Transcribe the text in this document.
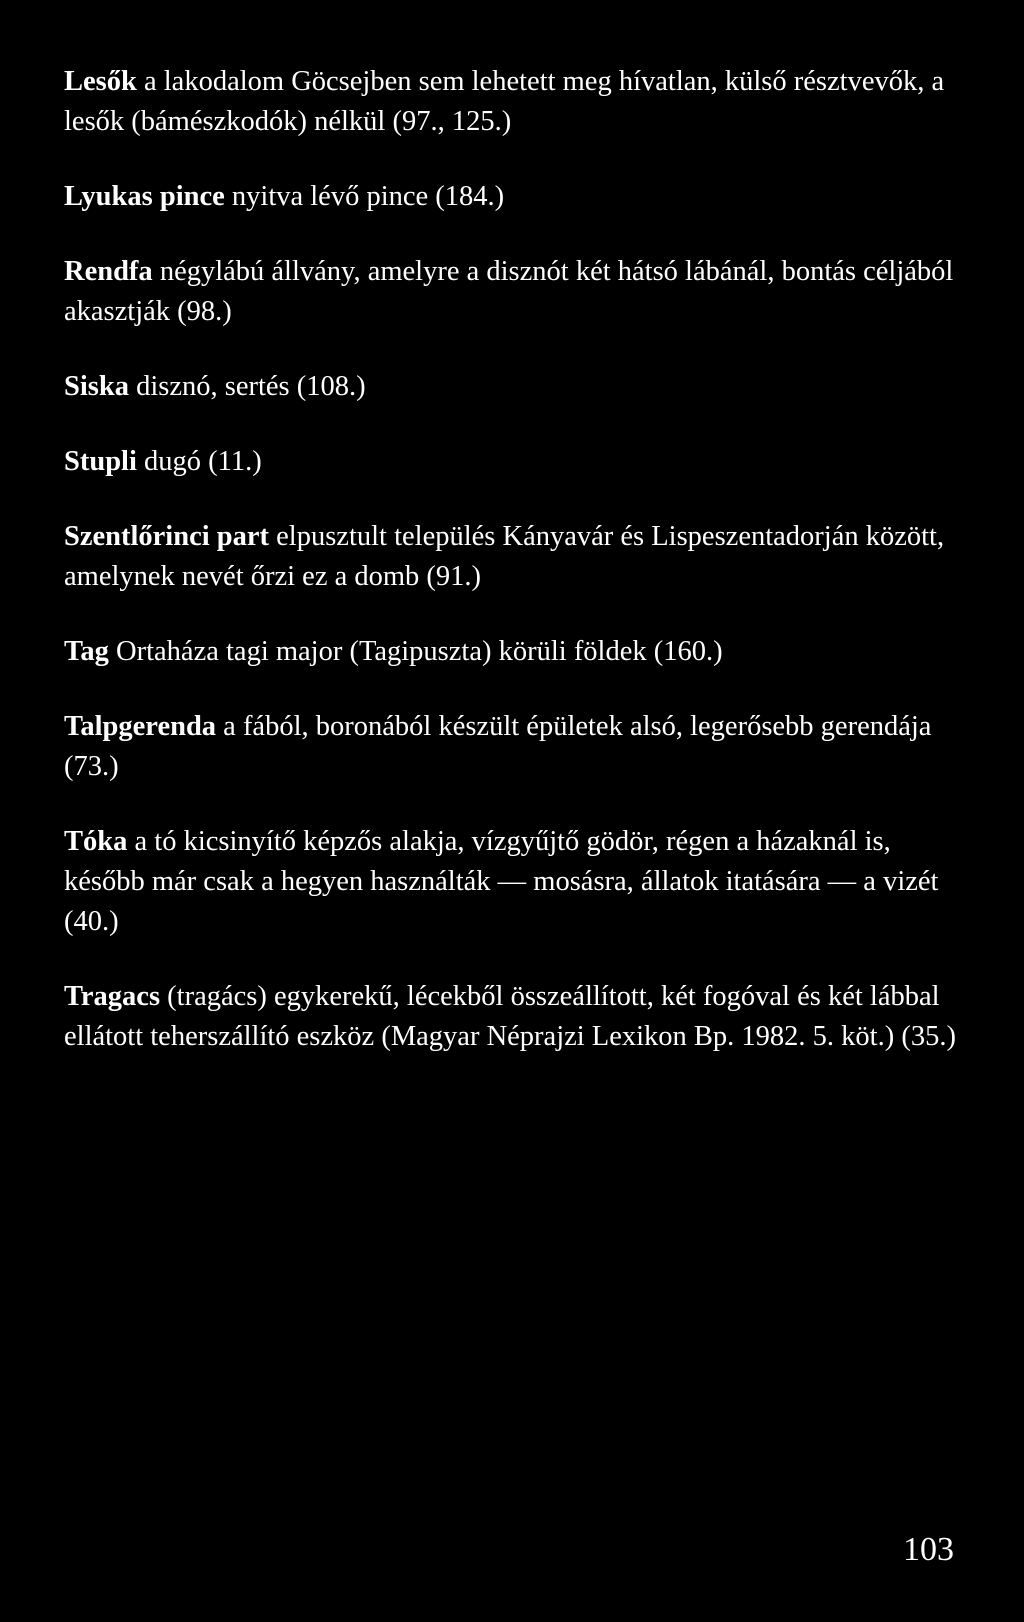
Lesők a lakodalom Göcsejben sem lehetett meg hívatlan, külső résztvevők, a lesők (bámészkodók) nélkül (97., 125.)

Lyukas pince nyitva lévő pince (184.)

Rendfa négylábú állvány, amelyre a disznót két hátsó lábánál, bontás céljából akasztják (98.)

Siska disznó, sertés (108.)

Stupli dugó (11.)

Szentlőrinci part elpusztult település Kányavár és Lispeszentadorján között, amelynek nevét őrzi ez a domb (91.)

Tag Ortaháza tagi major (Tagipuszta) körüli földek (160.)

Talpgerenda a fából, boronából készült épületek alsó, legerősebb gerendája (73.)

Tóka a tó kicsinyítő képzős alakja, vízgyűjtő gödör, régen a házaknál is, később már csak a hegyen használták — mosásra, állatok itatására — a vizét (40.)

Tragacs (tragács) egykerekű, lécekből összeállított, két fogóval és két lábbal ellátott teherszállító eszköz (Magyar Néprajzi Lexikon Bp. 1982. 5. köt.) (35.)

103
